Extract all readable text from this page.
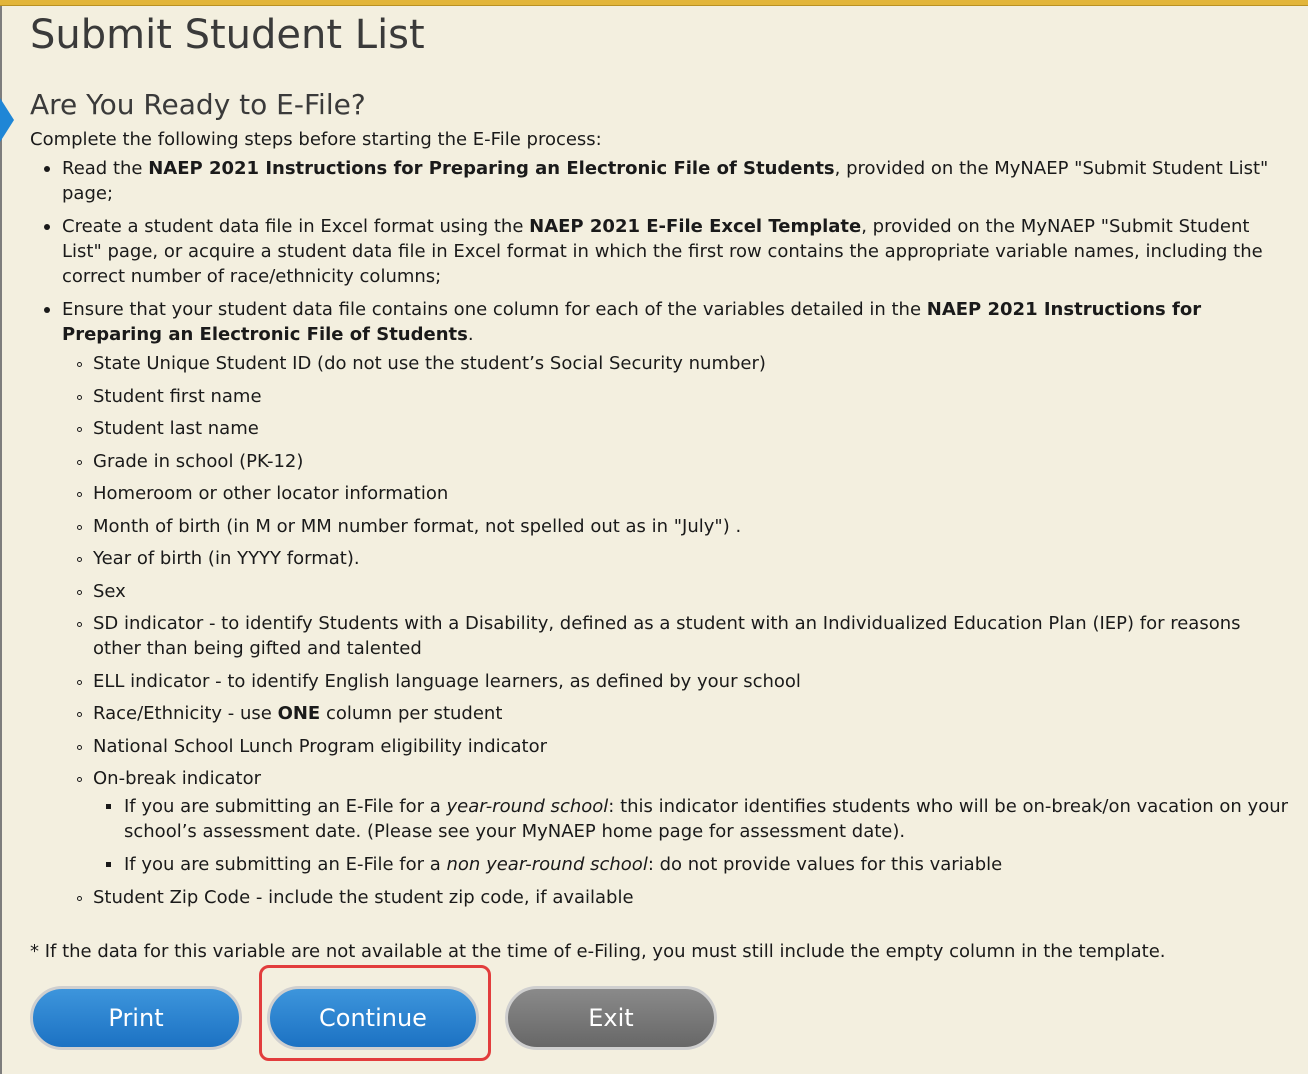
Submit Student List
Are You Ready to E-File?
Complete the following steps before starting the E-File process:
Read the NAEP 2021 Instructions for Preparing an Electronic File of Students, provided on the MyNAEP "Submit Student List" page;
Create a student data file in Excel format using the NAEP 2021 E-File Excel Template, provided on the MyNAEP "Submit Student List" page, or acquire a student data file in Excel format in which the first row contains the appropriate variable names, including the correct number of race/ethnicity columns;
Ensure that your student data file contains one column for each of the variables detailed in the NAEP 2021 Instructions for Preparing an Electronic File of Students.
State Unique Student ID (do not use the student’s Social Security number)
Student first name
Student last name
Grade in school (PK-12)
Homeroom or other locator information
Month of birth (in M or MM number format, not spelled out as in "July") .
Year of birth (in YYYY format).
Sex
SD indicator - to identify Students with a Disability, defined as a student with an Individualized Education Plan (IEP) for reasons other than being gifted and talented
ELL indicator - to identify English language learners, as defined by your school
Race/Ethnicity - use ONE column per student
National School Lunch Program eligibility indicator
On-break indicator
If you are submitting an E-File for a year-round school: this indicator identifies students who will be on-break/on vacation on your school’s assessment date. (Please see your MyNAEP home page for assessment date).
If you are submitting an E-File for a non year-round school: do not provide values for this variable
Student Zip Code - include the student zip code, if available
* If the data for this variable are not available at the time of e-Filing, you must still include the empty column in the template.
Print	Continue	Exit
